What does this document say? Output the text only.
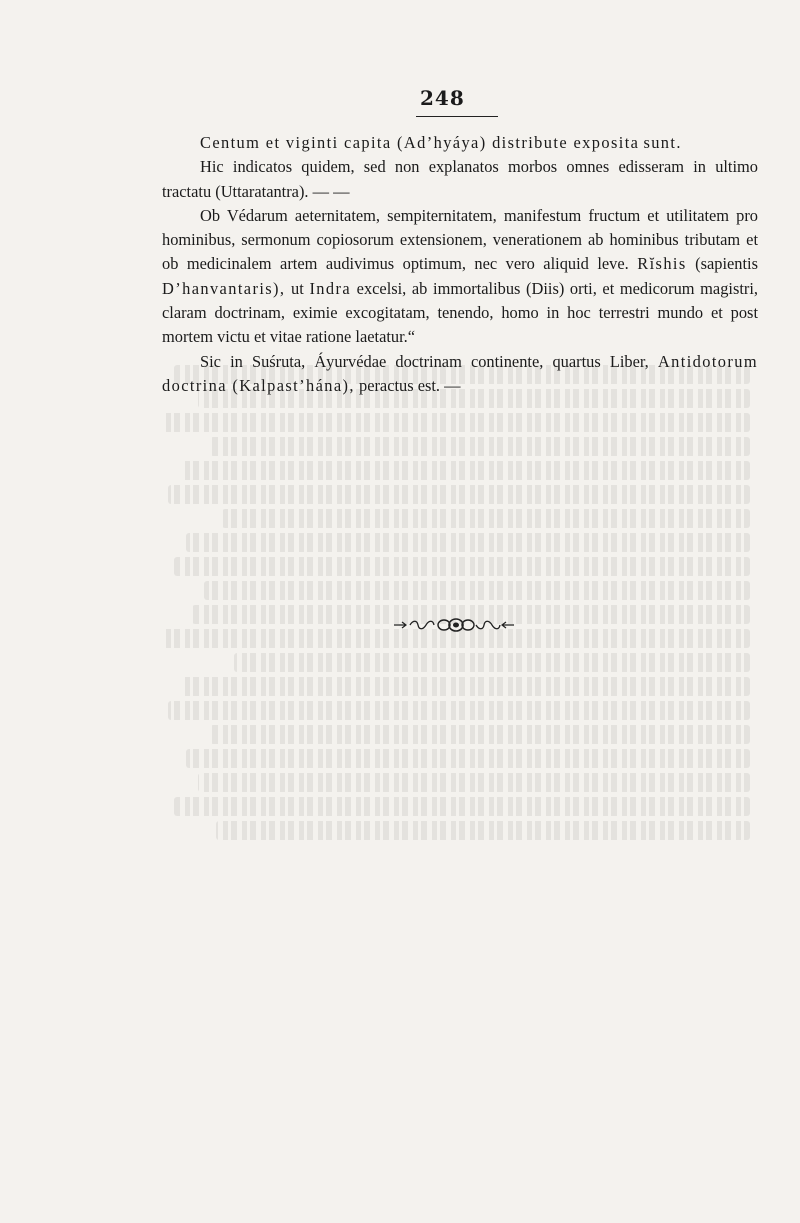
248

Centum et viginti capita (Ad’hyáya) distribute exposita sunt.

Hic indicatos quidem, sed non explanatos morbos omnes edisseram in ultimo tractatu (Uttaratantra). — —

Ob Védarum aeternitatem, sempiternitatem, manifestum fructum et utilitatem pro hominibus, sermonum copiosorum extensionem, venerationem ab hominibus tributam et ob medicinalem artem audivimus optimum, nec vero aliquid leve. Rĭshis (sapientis D’hanvantaris), ut Indra excelsi, ab immortalibus (Diis) orti, et medicorum magistri, claram doctrinam, eximie excogitatam, tenendo, homo in hoc terrestri mundo et post mortem victu et vitae ratione laetatur.“

Sic in Suśruta, Áyurvédae doctrinam continente, quartus Liber, Antidotorum doctrina (Kalpast’hána), peractus est. —
